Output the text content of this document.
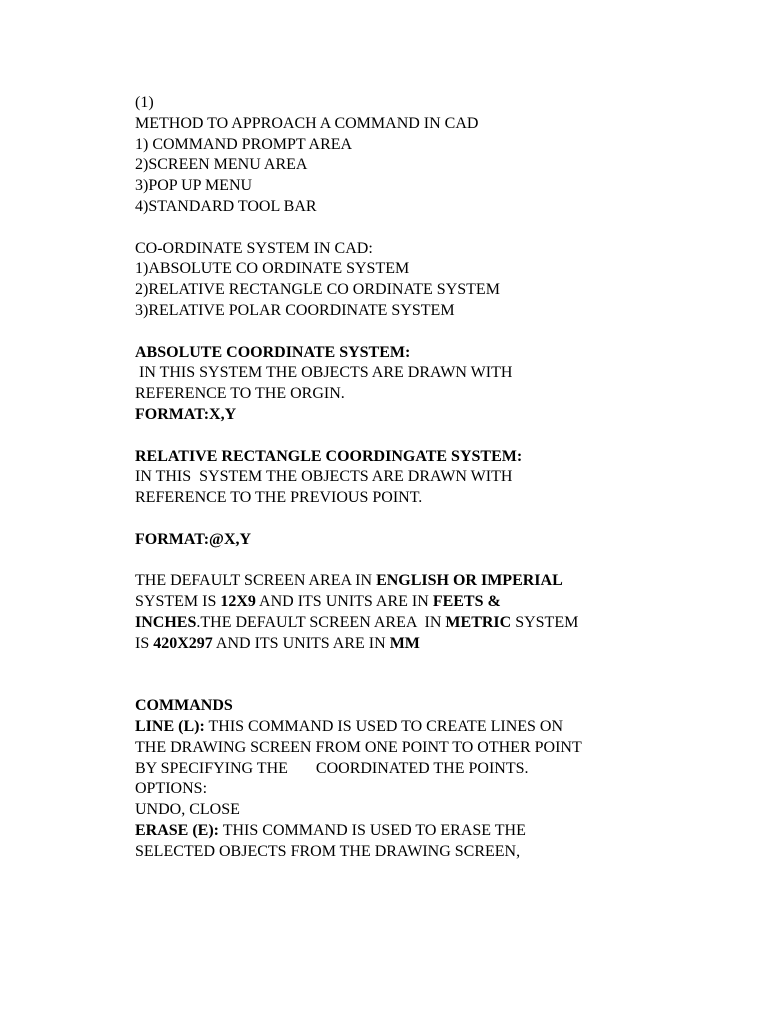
(1)
METHOD TO APPROACH A COMMAND IN CAD
1) COMMAND PROMPT AREA
2)SCREEN MENU AREA
3)POP UP MENU
4)STANDARD TOOL BAR
CO-ORDINATE SYSTEM IN CAD:
1)ABSOLUTE CO ORDINATE SYSTEM
2)RELATIVE RECTANGLE CO ORDINATE SYSTEM
3)RELATIVE POLAR COORDINATE SYSTEM
ABSOLUTE COORDINATE SYSTEM:
IN THIS SYSTEM THE OBJECTS ARE DRAWN WITH
REFERENCE TO THE ORGIN.
FORMAT:X,Y
RELATIVE RECTANGLE COORDINGATE SYSTEM:
IN THIS  SYSTEM THE OBJECTS ARE DRAWN WITH
REFERENCE TO THE PREVIOUS POINT.
FORMAT:@X,Y
THE DEFAULT SCREEN AREA IN ENGLISH OR IMPERIAL
SYSTEM IS 12X9 AND ITS UNITS ARE IN FEETS &
INCHES.THE DEFAULT SCREEN AREA  IN METRIC SYSTEM
IS 420X297 AND ITS UNITS ARE IN MM
COMMANDS
LINE (L): THIS COMMAND IS USED TO CREATE LINES ON
THE DRAWING SCREEN FROM ONE POINT TO OTHER POINT
BY SPECIFYING THE       COORDINATED THE POINTS.
OPTIONS:
UNDO, CLOSE
ERASE (E): THIS COMMAND IS USED TO ERASE THE
SELECTED OBJECTS FROM THE DRAWING SCREEN,
